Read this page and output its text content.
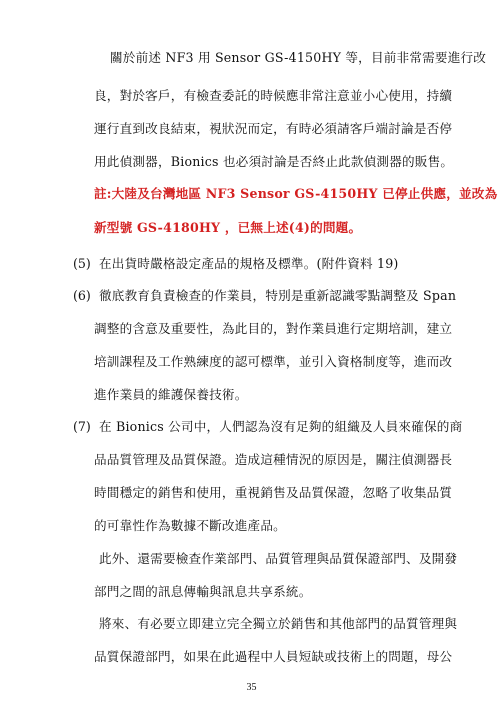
關於前述 NF3 用 Sensor GS-4150HY 等，目前非常需要進行改
良，對於客戶，有檢查委託的時候應非常注意並小心使用，持續
運行直到改良結束，視狀況而定，有時必須請客戶端討論是否停
用此偵測器，Bionics 也必須討論是否終止此款偵測器的販售。
註:大陸及台灣地區 NF3 Sensor GS-4150HY 已停止供應，並改為
新型號 GS-4180HY ，已無上述(4)的問題。
(5) 在出貨時嚴格設定產品的規格及標準。(附件資料 19)
(6) 徹底教育負責檢查的作業員，特別是重新認識零點調整及 Span
調整的含意及重要性，為此目的，對作業員進行定期培訓，建立
培訓課程及工作熟練度的認可標準，並引入資格制度等，進而改
進作業員的維護保養技術。
(7) 在 Bionics 公司中，人們認為沒有足夠的組織及人員來確保的商
品品質管理及品質保證。造成這種情況的原因是，關注偵測器長
時間穩定的銷售和使用，重視銷售及品質保證，忽略了收集品質
的可靠性作為數據不斷改進產品。
此外、還需要檢查作業部門、品質管理與品質保證部門、及開發
部門之間的訊息傳輸與訊息共享系統。
將來、有必要立即建立完全獨立於銷售和其他部門的品質管理與
品質保證部門，如果在此過程中人員短缺或技術上的問題，母公
35
